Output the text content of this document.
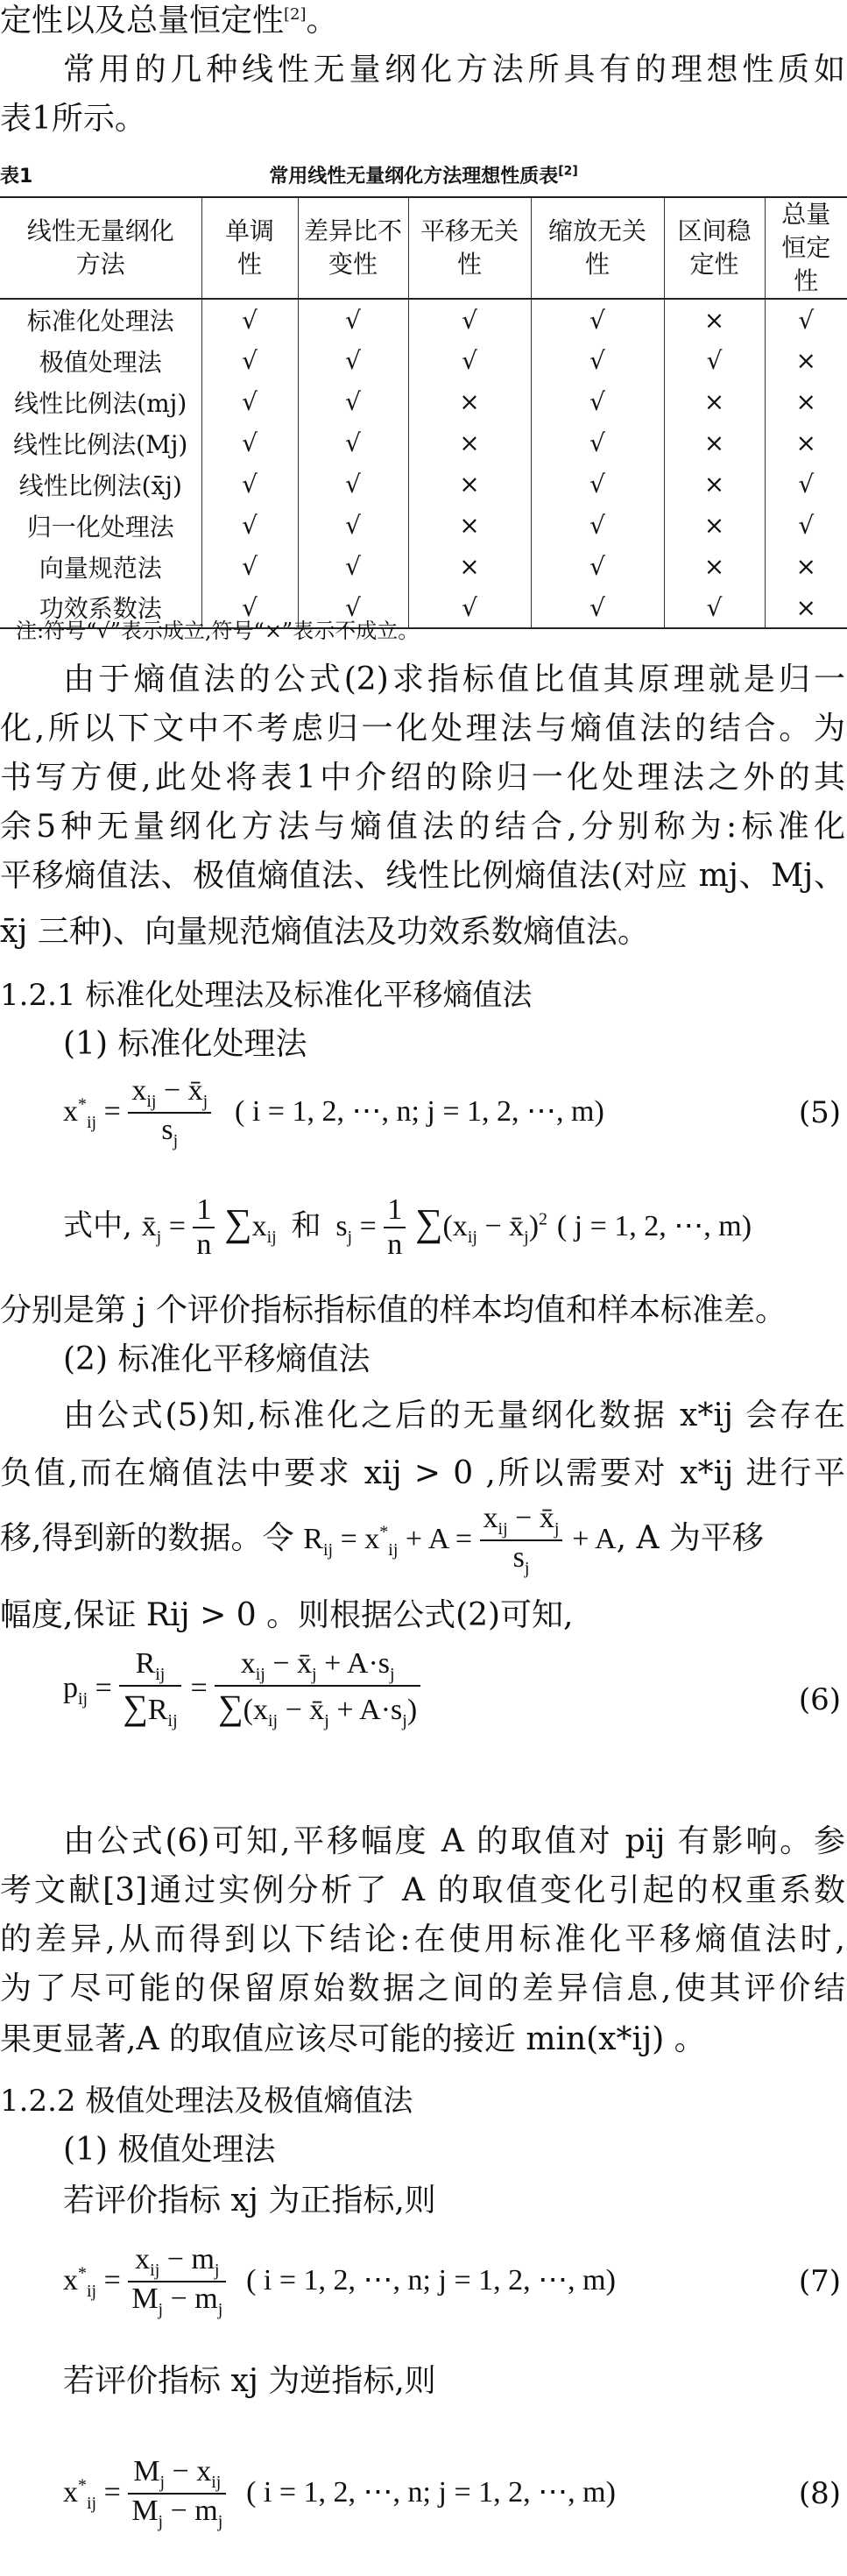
定性以及总量恒定性[2]。
常用的几种线性无量纲化方法所具有的理想性质如
表1所示。
表1	常用线性无量纲化方法理想性质表[2]
线性无量纲化方法	单调性	差异比不变性	平移无关性	缩放无关性	区间稳定性	总量恒定性
标准化处理法	√	√	√	√	×	√
极值处理法	√	√	√	√	√	×
线性比例法(mj)	√	√	×	√	×	×
线性比例法(Mj)	√	√	×	√	×	×
线性比例法(x̄j)	√	√	×	√	×	√
归一化处理法	√	√	×	√	×	√
向量规范法	√	√	×	√	×	×
功效系数法	√	√	√	√	√	×
注:符号“√”表示成立,符号“×”表示不成立。
由于熵值法的公式(2)求指标值比值其原理就是归一
化,所以下文中不考虑归一化处理法与熵值法的结合。为
书写方便,此处将表1中介绍的除归一化处理法之外的其
余5种无量纲化方法与熵值法的结合,分别称为:标准化
平移熵值法、极值熵值法、线性比例熵值法(对应 mj、Mj、
x̄j 三种)、向量规范熵值法及功效系数熵值法。
1.2.1 标准化处理法及标准化平移熵值法
(1) 标准化处理法
$x^*_{ij} = \frac{x_{ij} - x̄_j}{s_j}$ ( i = 1, 2, ⋯, n; j = 1, 2, ⋯, m)	(5)
式中, $x̄_j = \frac{1}{n} \sum x_{ij}$ 和 $s_j = \frac{1}{n} \sum(x_{ij}$ − $x̄_j)^2$ ( j = 1, 2, ⋯, m)
分别是第 j 个评价指标指标值的样本均值和样本标准差。
(2) 标准化平移熵值法
由公式(5)知,标准化之后的无量纲化数据 x*ij 会存在
负值,而在熵值法中要求 xij > 0 ,所以需要对 x*ij 进行平
移,得到新的数据。令 $R_{ij} = x^*_{ij} + A = \frac{x_{ij} - x̄_j}{s_j} + A$, A 为平移
幅度,保证 Rij > 0 。则根据公式(2)可知,
$p_{ij} = \frac{R_{ij}}{\sum R_{ij}} = \frac{x_{ij} - x̄_j + A\cdot s_j}{\sum(x_{ij} - x̄_j + A\cdot s_j)}$	(6)
由公式(6)可知,平移幅度 A 的取值对 pij 有影响。参
考文献[3]通过实例分析了 A 的取值变化引起的权重系数
的差异,从而得到以下结论:在使用标准化平移熵值法时,
为了尽可能的保留原始数据之间的差异信息,使其评价结
果更显著,A 的取值应该尽可能的接近 min(x*ij) 。
1.2.2 极值处理法及极值熵值法
(1) 极值处理法
若评价指标 xj 为正指标,则
$x^*_{ij} = \frac{x_{ij} - m_j}{M_j - m_j}$ ( i = 1, 2, ⋯, n; j = 1, 2, ⋯, m)	(7)
若评价指标 xj 为逆指标,则
$x^*_{ij} = \frac{M_j - x_{ij}}{M_j - m_j}$ ( i = 1, 2, ⋯, n; j = 1, 2, ⋯, m)	(8)
